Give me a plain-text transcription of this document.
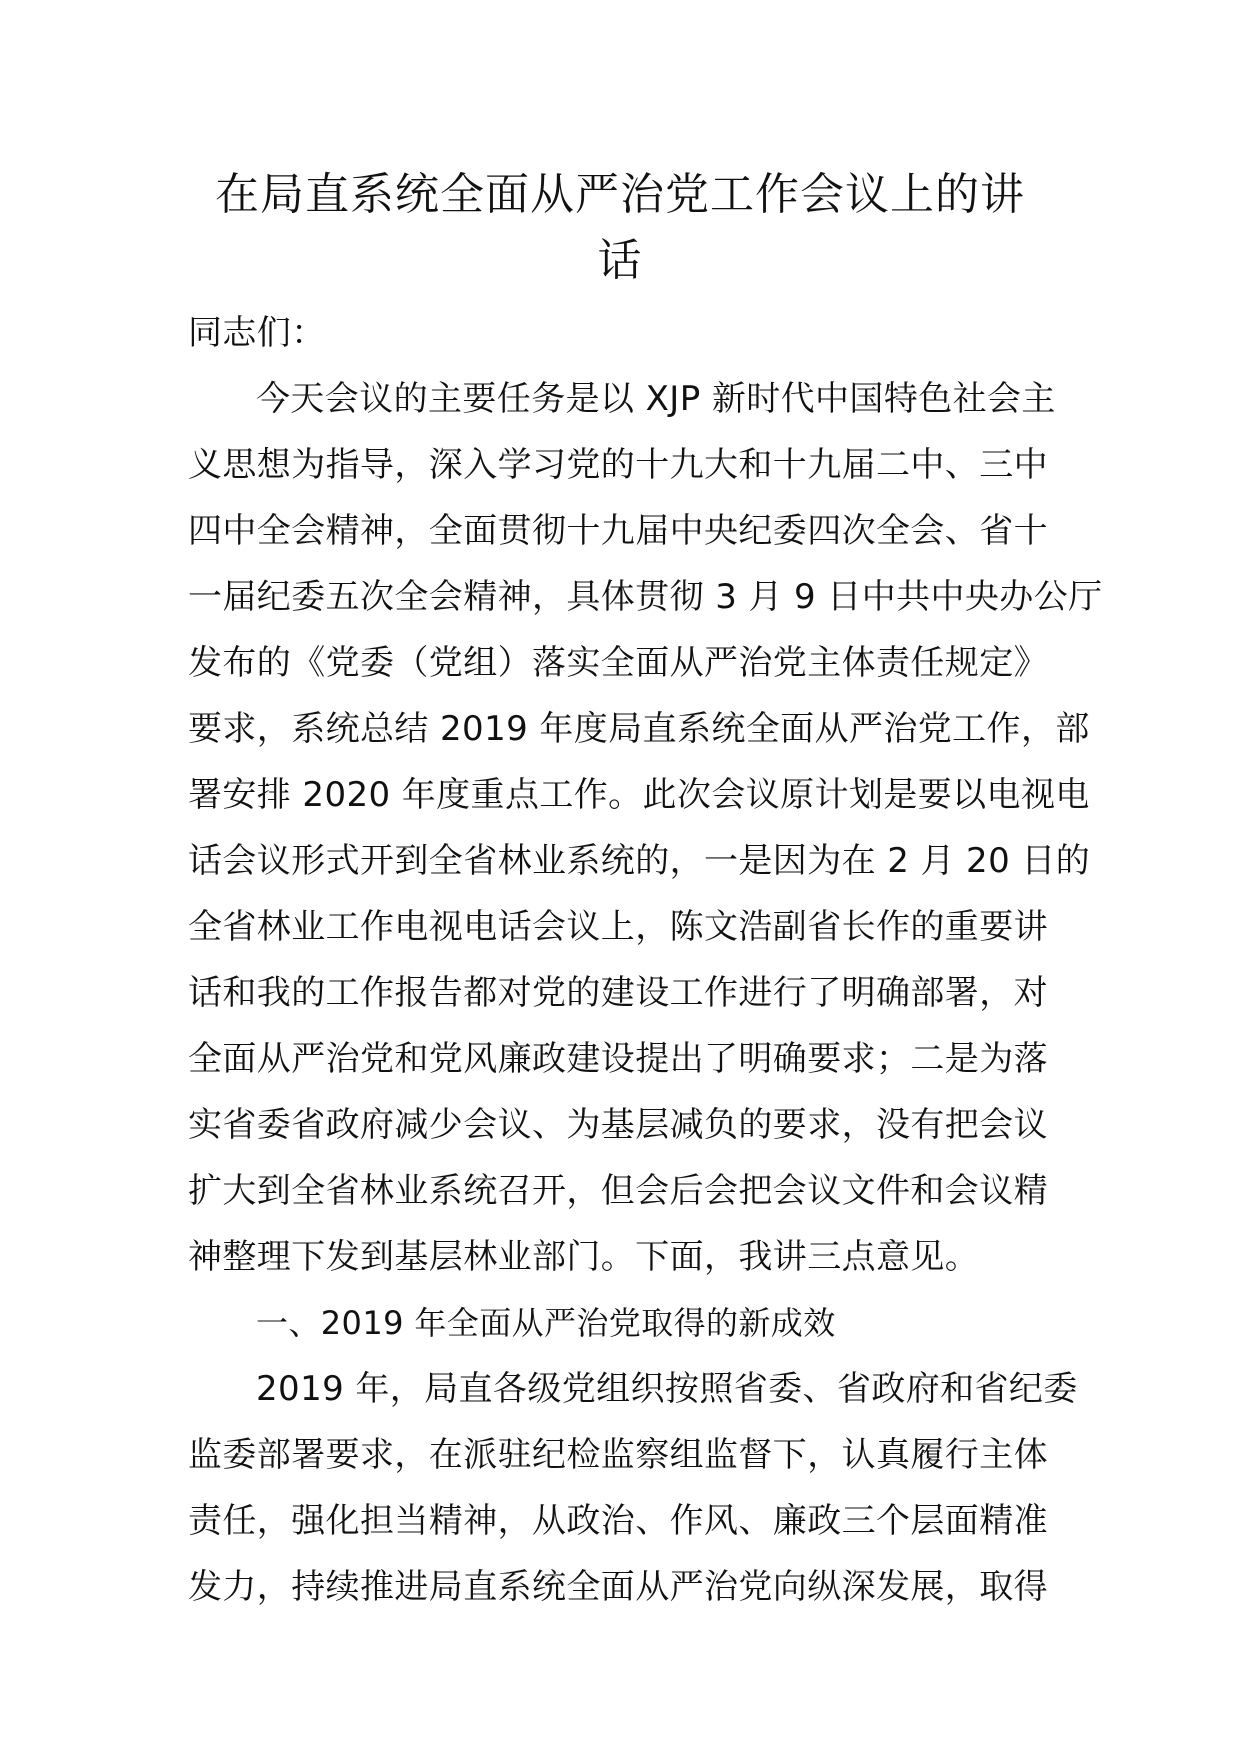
在局直系统全面从严治党工作会议上的讲
话
同志们：
今天会议的主要任务是以 XJP 新时代中国特色社会主
义思想为指导，深入学习党的十九大和十九届二中、三中
四中全会精神，全面贯彻十九届中央纪委四次全会、省十
一届纪委五次全会精神，具体贯彻 3 月 9 日中共中央办公厅
发布的《党委（党组）落实全面从严治党主体责任规定》
要求，系统总结 2019 年度局直系统全面从严治党工作，部
署安排 2020 年度重点工作。此次会议原计划是要以电视电
话会议形式开到全省林业系统的，一是因为在 2 月 20 日的
全省林业工作电视电话会议上，陈文浩副省长作的重要讲
话和我的工作报告都对党的建设工作进行了明确部署，对
全面从严治党和党风廉政建设提出了明确要求；二是为落
实省委省政府减少会议、为基层减负的要求，没有把会议
扩大到全省林业系统召开，但会后会把会议文件和会议精
神整理下发到基层林业部门。下面，我讲三点意见。
一、2019 年全面从严治党取得的新成效
2019 年，局直各级党组织按照省委、省政府和省纪委
监委部署要求，在派驻纪检监察组监督下，认真履行主体
责任，强化担当精神，从政治、作风、廉政三个层面精准
发力，持续推进局直系统全面从严治党向纵深发展，取得
